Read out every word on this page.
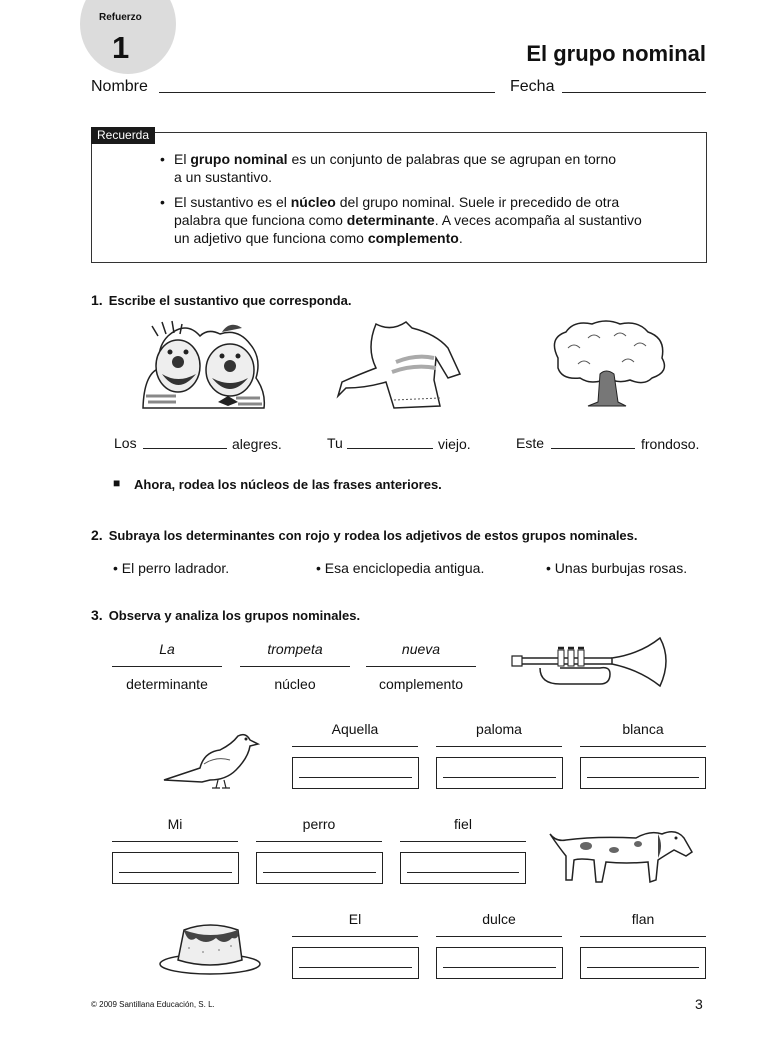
Refuerzo
1	El grupo nominal
Nombre	Fecha
Recuerda
• El grupo nominal es un conjunto de palabras que se agrupan en torno
a un sustantivo.
• El sustantivo es el núcleo del grupo nominal. Suele ir precedido de otra
palabra que funciona como determinante. A veces acompaña al sustantivo
un adjetivo que funciona como complemento.
1. Escribe el sustantivo que corresponda.
Los	alegres.	Tu	viejo.	Este	frondoso.
■ Ahora, rodea los núcleos de las frases anteriores.
2. Subraya los determinantes con rojo y rodea los adjetivos de estos grupos nominales.
• El perro ladrador.	• Esa enciclopedia antigua.	• Unas burbujas rosas.
3. Observa y analiza los grupos nominales.
La	trompeta	nueva
determinante	núcleo	complemento
Aquella	paloma	blanca
Mi	perro	fiel
El	dulce	flan
© 2009 Santillana Educación, S. L.	3
